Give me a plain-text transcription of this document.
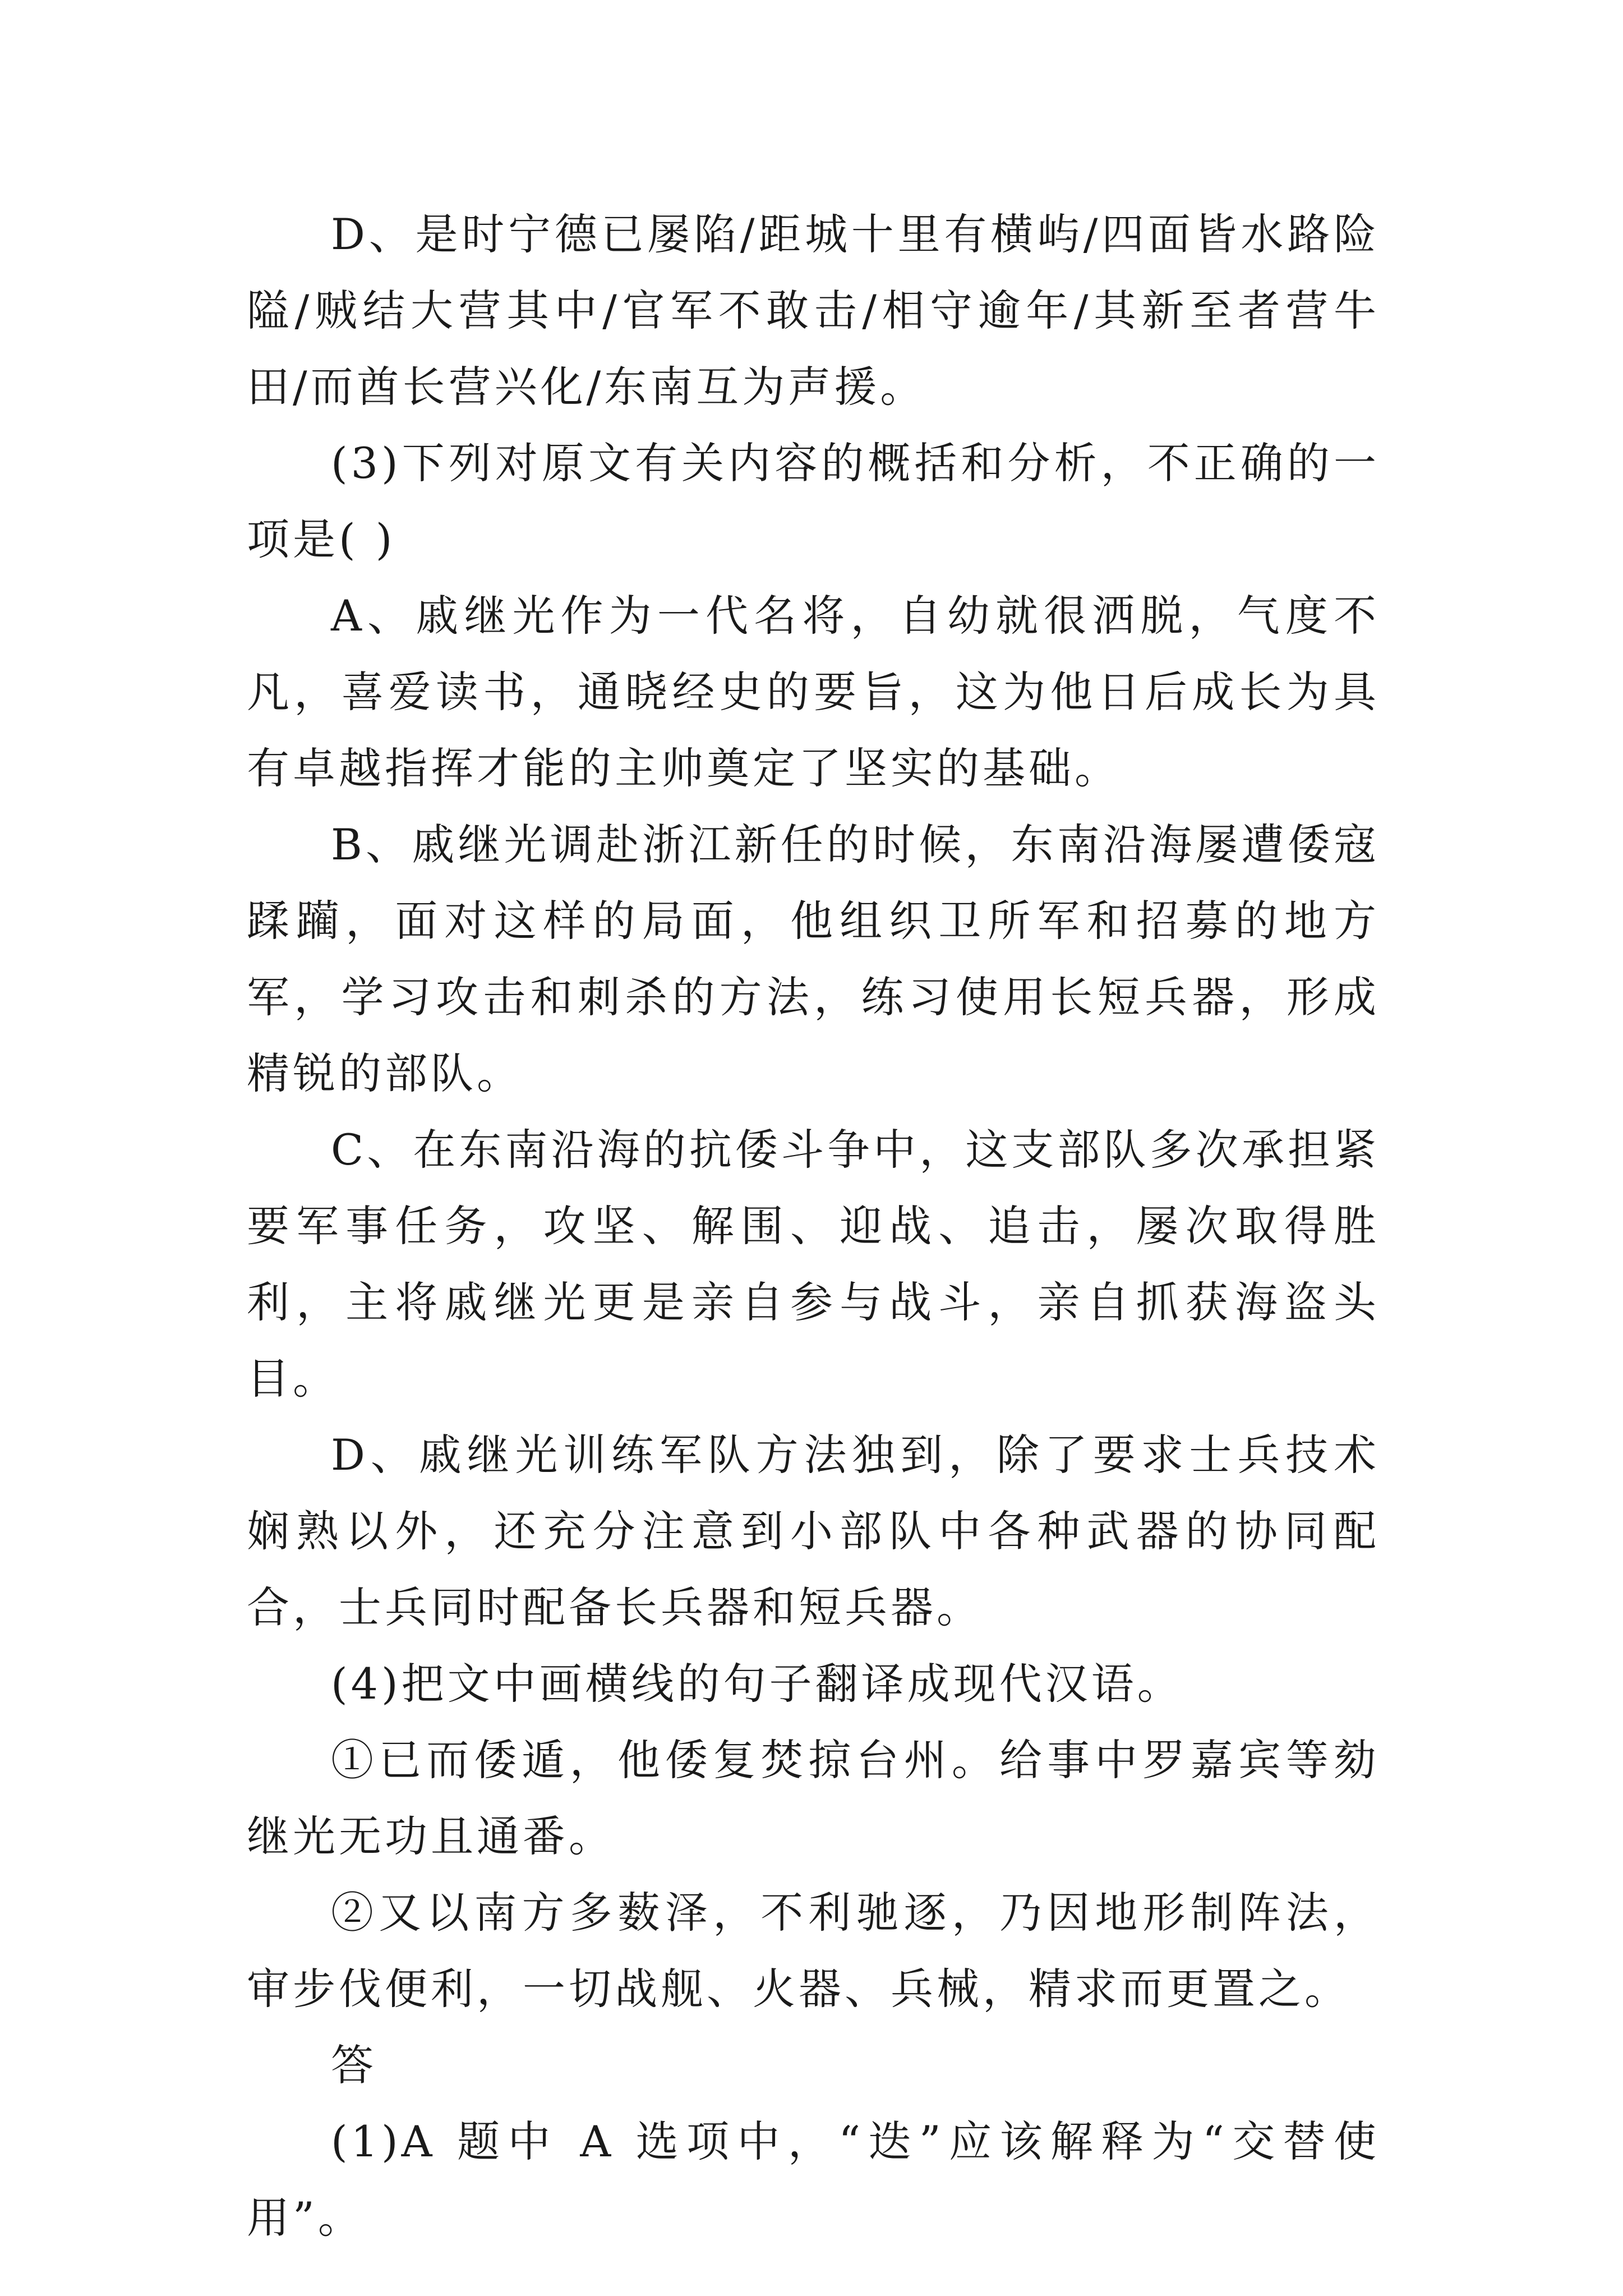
D、是时宁德已屡陷/距城十里有横屿/四面皆水路险隘/贼结大营其中/官军不敢击/相守逾年/其新至者营牛田/而酋长营兴化/东南互为声援。

(3)下列对原文有关内容的概括和分析，不正确的一项是( )

A、戚继光作为一代名将，自幼就很洒脱，气度不凡，喜爱读书，通晓经史的要旨，这为他日后成长为具有卓越指挥才能的主帅奠定了坚实的基础。

B、戚继光调赴浙江新任的时候，东南沿海屡遭倭寇蹂躏，面对这样的局面，他组织卫所军和招募的地方军，学习攻击和刺杀的方法，练习使用长短兵器，形成精锐的部队。

C、在东南沿海的抗倭斗争中，这支部队多次承担紧要军事任务，攻坚、解围、迎战、追击，屡次取得胜利，主将戚继光更是亲自参与战斗，亲自抓获海盗头目。

D、戚继光训练军队方法独到，除了要求士兵技术娴熟以外，还充分注意到小部队中各种武器的协同配合，士兵同时配备长兵器和短兵器。

(4)把文中画横线的句子翻译成现代汉语。

①已而倭遁，他倭复焚掠台州。给事中罗嘉宾等劾继光无功且通番。

②又以南方多薮泽，不利驰逐，乃因地形制阵法，审步伐便利，一切战舰、火器、兵械，精求而更置之。

答

(1)A 题中 A 选项中，“迭”应该解释为“交替使用”。
